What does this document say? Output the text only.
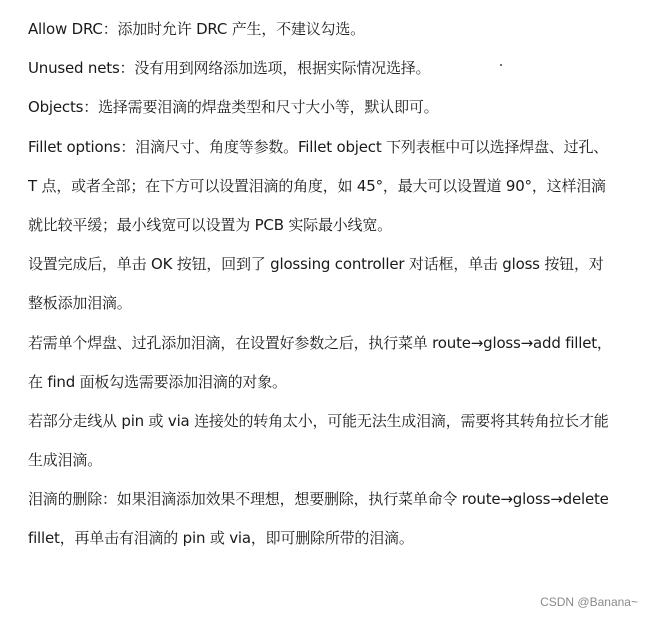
Allow DRC：添加时允许 DRC 产生，不建议勾选。
Unused nets：没有用到网络添加选项，根据实际情况选择。
Objects：选择需要泪滴的焊盘类型和尺寸大小等，默认即可。
Fillet options：泪滴尺寸、角度等参数。Fillet object 下列表框中可以选择焊盘、过孔、
T 点，或者全部；在下方可以设置泪滴的角度，如 45°，最大可以设置道 90°，这样泪滴
就比较平缓；最小线宽可以设置为 PCB 实际最小线宽。
设置完成后，单击 OK 按钮，回到了 glossing controller 对话框，单击 gloss 按钮，对
整板添加泪滴。
若需单个焊盘、过孔添加泪滴，在设置好参数之后，执行菜单 route→gloss→add fillet，
在 find 面板勾选需要添加泪滴的对象。
若部分走线从 pin 或 via 连接处的转角太小，可能无法生成泪滴，需要将其转角拉长才能
生成泪滴。
泪滴的删除：如果泪滴添加效果不理想，想要删除，执行菜单命令 route→gloss→delete
fillet，再单击有泪滴的 pin 或 via，即可删除所带的泪滴。
CSDN @Banana~
